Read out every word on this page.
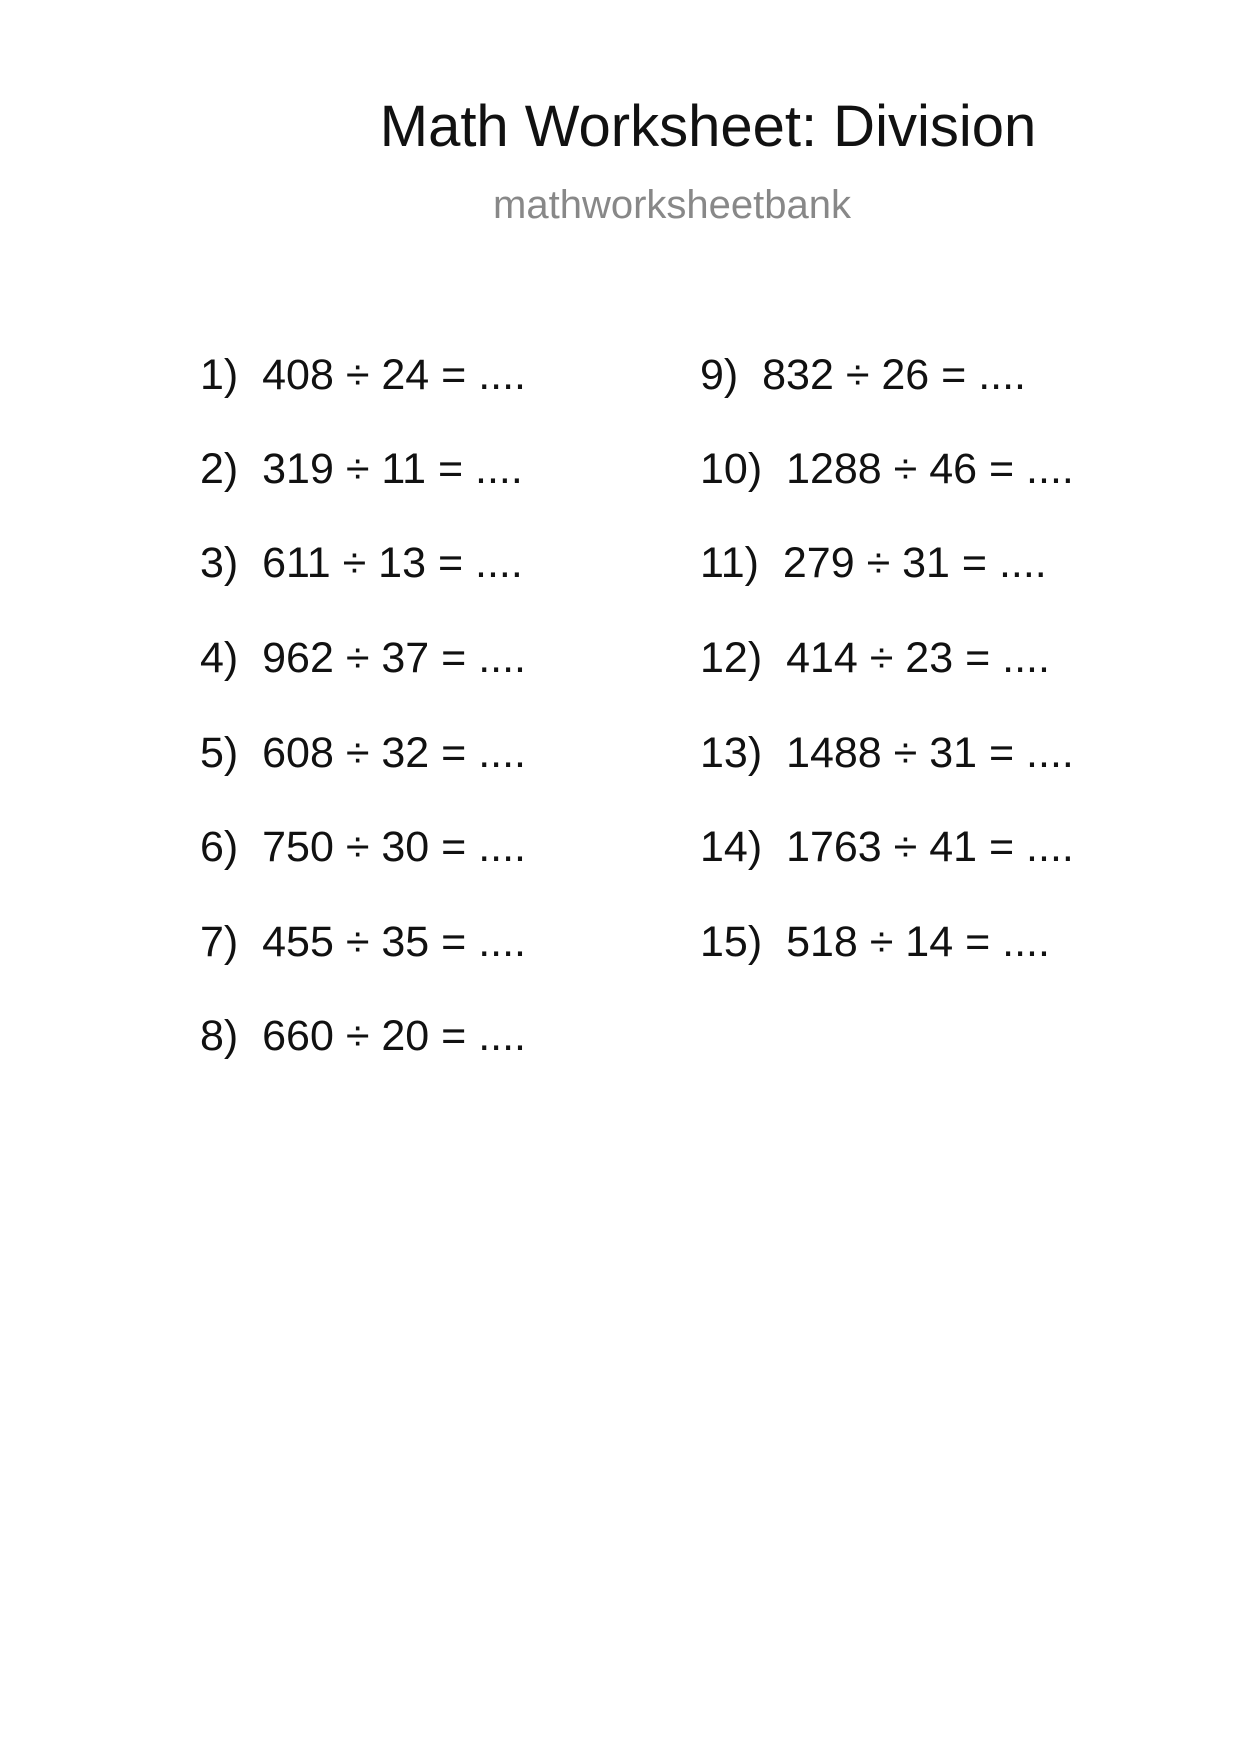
Math Worksheet: Division
mathworksheetbank
1) 408 ÷ 24 = ....
2) 319 ÷ 11 = ....
3) 611 ÷ 13 = ....
4) 962 ÷ 37 = ....
5) 608 ÷ 32 = ....
6) 750 ÷ 30 = ....
7) 455 ÷ 35 = ....
8) 660 ÷ 20 = ....
9) 832 ÷ 26 = ....
10) 1288 ÷ 46 = ....
11) 279 ÷ 31 = ....
12) 414 ÷ 23 = ....
13) 1488 ÷ 31 = ....
14) 1763 ÷ 41 = ....
15) 518 ÷ 14 = ....
